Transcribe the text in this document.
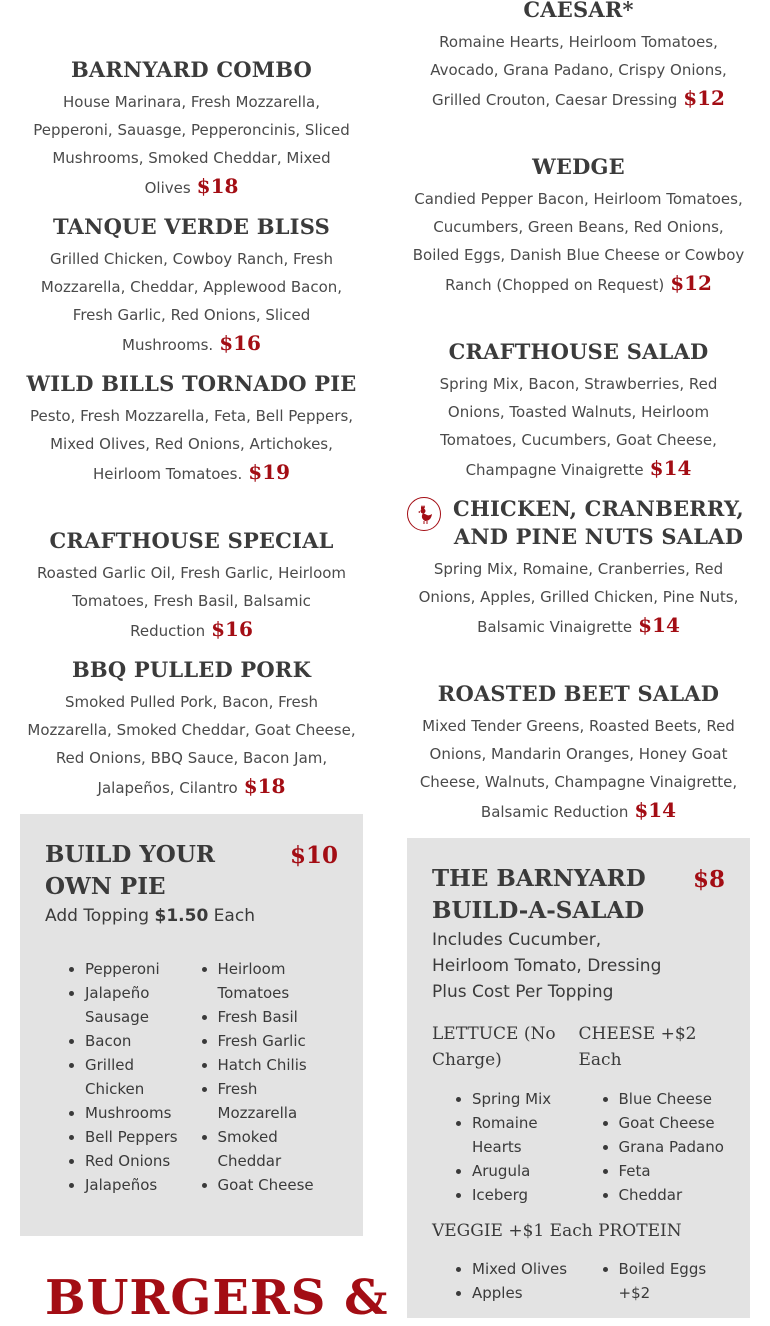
BARNYARD COMBO
House Marinara, Fresh Mozzarella, Pepperoni, Sauasge, Pepperoncinis, Sliced Mushrooms, Smoked Cheddar, Mixed Olives $18
TANQUE VERDE BLISS
Grilled Chicken, Cowboy Ranch, Fresh Mozzarella, Cheddar, Applewood Bacon, Fresh Garlic, Red Onions, Sliced Mushrooms. $16
WILD BILLS TORNADO PIE
Pesto, Fresh Mozzarella, Feta, Bell Peppers, Mixed Olives, Red Onions, Artichokes, Heirloom Tomatoes. $19
CRAFTHOUSE SPECIAL
Roasted Garlic Oil, Fresh Garlic, Heirloom Tomatoes, Fresh Basil, Balsamic Reduction $16
BBQ PULLED PORK
Smoked Pulled Pork, Bacon, Fresh Mozzarella, Smoked Cheddar, Goat Cheese, Red Onions, BBQ Sauce, Bacon Jam, Jalapeños, Cilantro $18
BUILD YOUR OWN PIE
$10
Add Topping $1.50 Each
• Pepperoni
• Jalapeño Sausage
• Bacon
• Grilled Chicken
• Mushrooms
• Bell Peppers
• Red Onions
• Jalapeños
• Heirloom Tomatoes
• Fresh Basil
• Fresh Garlic
• Hatch Chilis
• Fresh Mozzarella
• Smoked Cheddar
• Goat Cheese
BURGERS &
CAESAR*
Romaine Hearts, Heirloom Tomatoes, Avocado, Grana Padano, Crispy Onions, Grilled Crouton, Caesar Dressing $12
WEDGE
Candied Pepper Bacon, Heirloom Tomatoes, Cucumbers, Green Beans, Red Onions, Boiled Eggs, Danish Blue Cheese or Cowboy Ranch (Chopped on Request) $12
CRAFTHOUSE SALAD
Spring Mix, Bacon, Strawberries, Red Onions, Toasted Walnuts, Heirloom Tomatoes, Cucumbers, Goat Cheese, Champagne Vinaigrette $14
CHICKEN, CRANBERRY,
AND PINE NUTS SALAD
Spring Mix, Romaine, Cranberries, Red Onions, Apples, Grilled Chicken, Pine Nuts, Balsamic Vinaigrette $14
ROASTED BEET SALAD
Mixed Tender Greens, Roasted Beets, Red Onions, Mandarin Oranges, Honey Goat Cheese, Walnuts, Champagne Vinaigrette, Balsamic Reduction $14
THE BARNYARD BUILD-A-SALAD
$8
Includes Cucumber, Heirloom Tomato, Dressing
Plus Cost Per Topping
LETTUCE (No Charge)
CHEESE +$2 Each
• Spring Mix
• Romaine Hearts
• Arugula
• Iceberg
• Blue Cheese
• Goat Cheese
• Grana Padano
• Feta
• Cheddar
VEGGIE +$1 Each PROTEIN
• Mixed Olives
• Apples
• Boiled Eggs +$2
